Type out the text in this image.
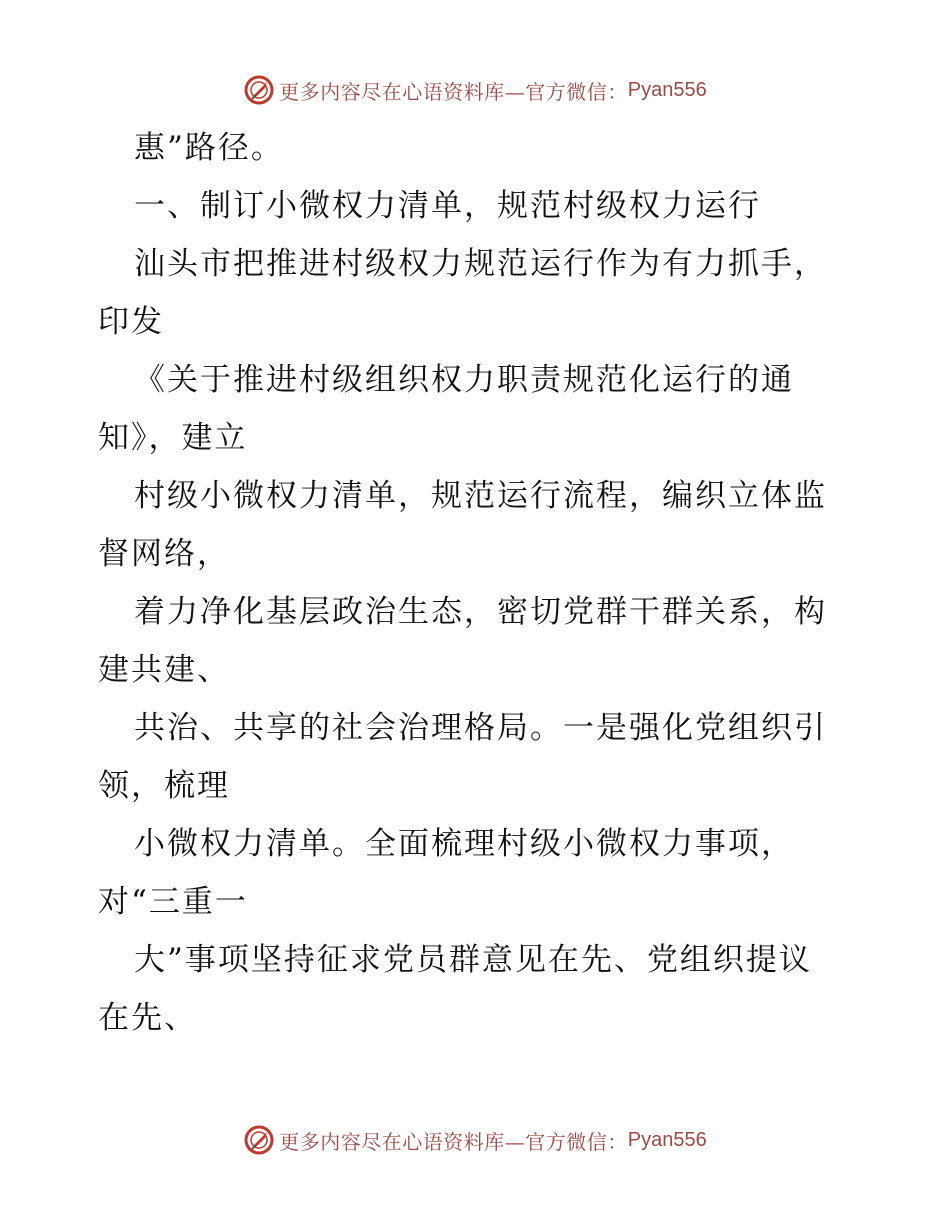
更多内容尽在心语资料库—官方微信： Pyan556
惠”路径。
一、制订小微权力清单，规范村级权力运行
汕头市把推进村级权力规范运行作为有力抓手，
印发
《关于推进村级组织权力职责规范化运行的通
知》，建立
村级小微权力清单，规范运行流程，编织立体监
督网络，
着力净化基层政治生态，密切党群干群关系，构
建共建、
共治、共享的社会治理格局。一是强化党组织引
领，梳理
小微权力清单。全面梳理村级小微权力事项，
对“三重一
大”事项坚持征求党员群意见在先、党组织提议
在先、
更多内容尽在心语资料库—官方微信： Pyan556
